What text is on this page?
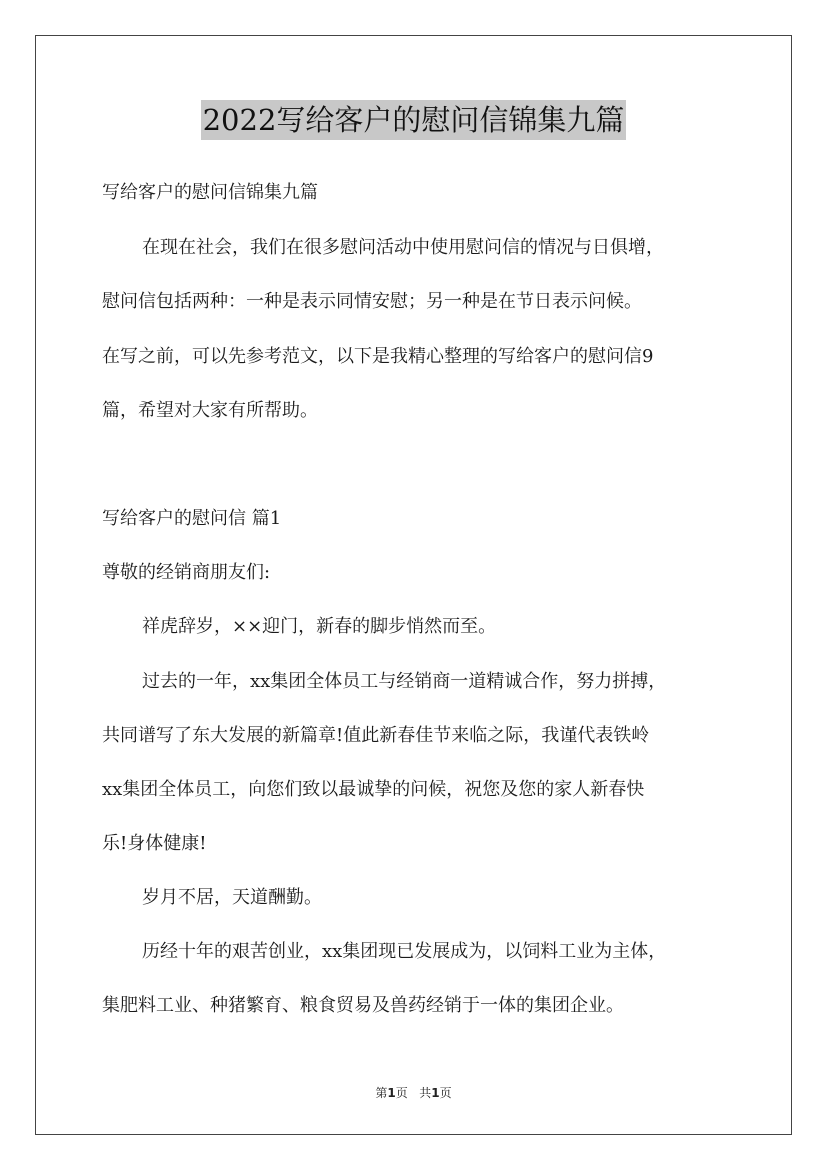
2022写给客户的慰问信锦集九篇
写给客户的慰问信锦集九篇
在现在社会，我们在很多慰问活动中使用慰问信的情况与日俱增，
慰问信包括两种：一种是表示同情安慰；另一种是在节日表示问候。
在写之前，可以先参考范文，以下是我精心整理的写给客户的慰问信9
篇，希望对大家有所帮助。
写给客户的慰问信 篇1
尊敬的经销商朋友们:
祥虎辞岁，××迎门，新春的脚步悄然而至。
过去的一年，xx集团全体员工与经销商一道精诚合作，努力拼搏，
共同谱写了东大发展的新篇章!值此新春佳节来临之际，我谨代表铁岭
xx集团全体员工，向您们致以最诚挚的问候，祝您及您的家人新春快
乐!身体健康!
岁月不居，天道酬勤。
历经十年的艰苦创业，xx集团现已发展成为，以饲料工业为主体，
集肥料工业、种猪繁育、粮食贸易及兽药经销于一体的集团企业。
第1页 共1页
